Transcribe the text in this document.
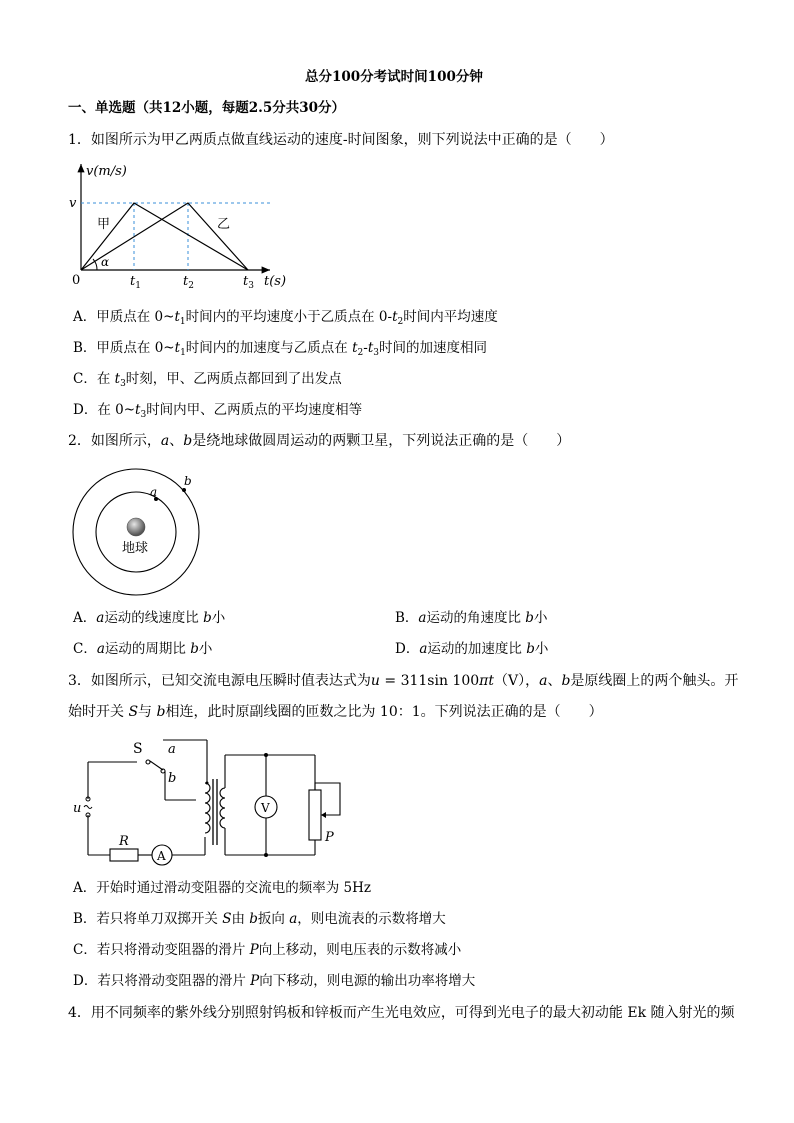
总分100分考试时间100分钟
一、单选题（共12小题，每题2.5分共30分）
1．如图所示为甲乙两质点做直线运动的速度-时间图象，则下列说法中正确的是（　　）
v(m/s)
v
0	t(s)
甲	乙
α
$t_1$	$t_2$	$t_3$
A．甲质点在 $0\sim t_1$时间内的平均速度小于乙质点在 $0-t_2$时间内平均速度
B．甲质点在 $0\sim t_1$时间内的加速度与乙质点在 $t_2-t_3$时间的加速度相同
C．在 $t_3$时刻，甲、乙两质点都回到了出发点
D．在 $0\sim t_3$时间内甲、乙两质点的平均速度相等
2．如图所示，a、b是绕地球做圆周运动的两颗卫星，下列说法正确的是（　　）
a
b
地球
A．a运动的线速度比 b小	B．a运动的角速度比 b小
C．a运动的周期比 b小	D．a运动的加速度比 b小
3．如图所示，已知交流电源电压瞬时值表达式为u = 311sin 100πt（V），a、b是原线圈上的两个触头。开
始时开关 S与 b相连，此时原副线圈的匝数之比为 10：1。下列说法正确的是（　　）
S a
b
u
R
A
V
P
A．开始时通过滑动变阻器的交流电的频率为 5Hz
B．若只将单刀双掷开关 S由 b扳向 a，则电流表的示数将增大
C．若只将滑动变阻器的滑片 P向上移动，则电压表的示数将减小
D．若只将滑动变阻器的滑片 P向下移动，则电源的输出功率将增大
4．用不同频率的紫外线分别照射钨板和锌板而产生光电效应，可得到光电子的最大初动能 Ek 随入射光的频
